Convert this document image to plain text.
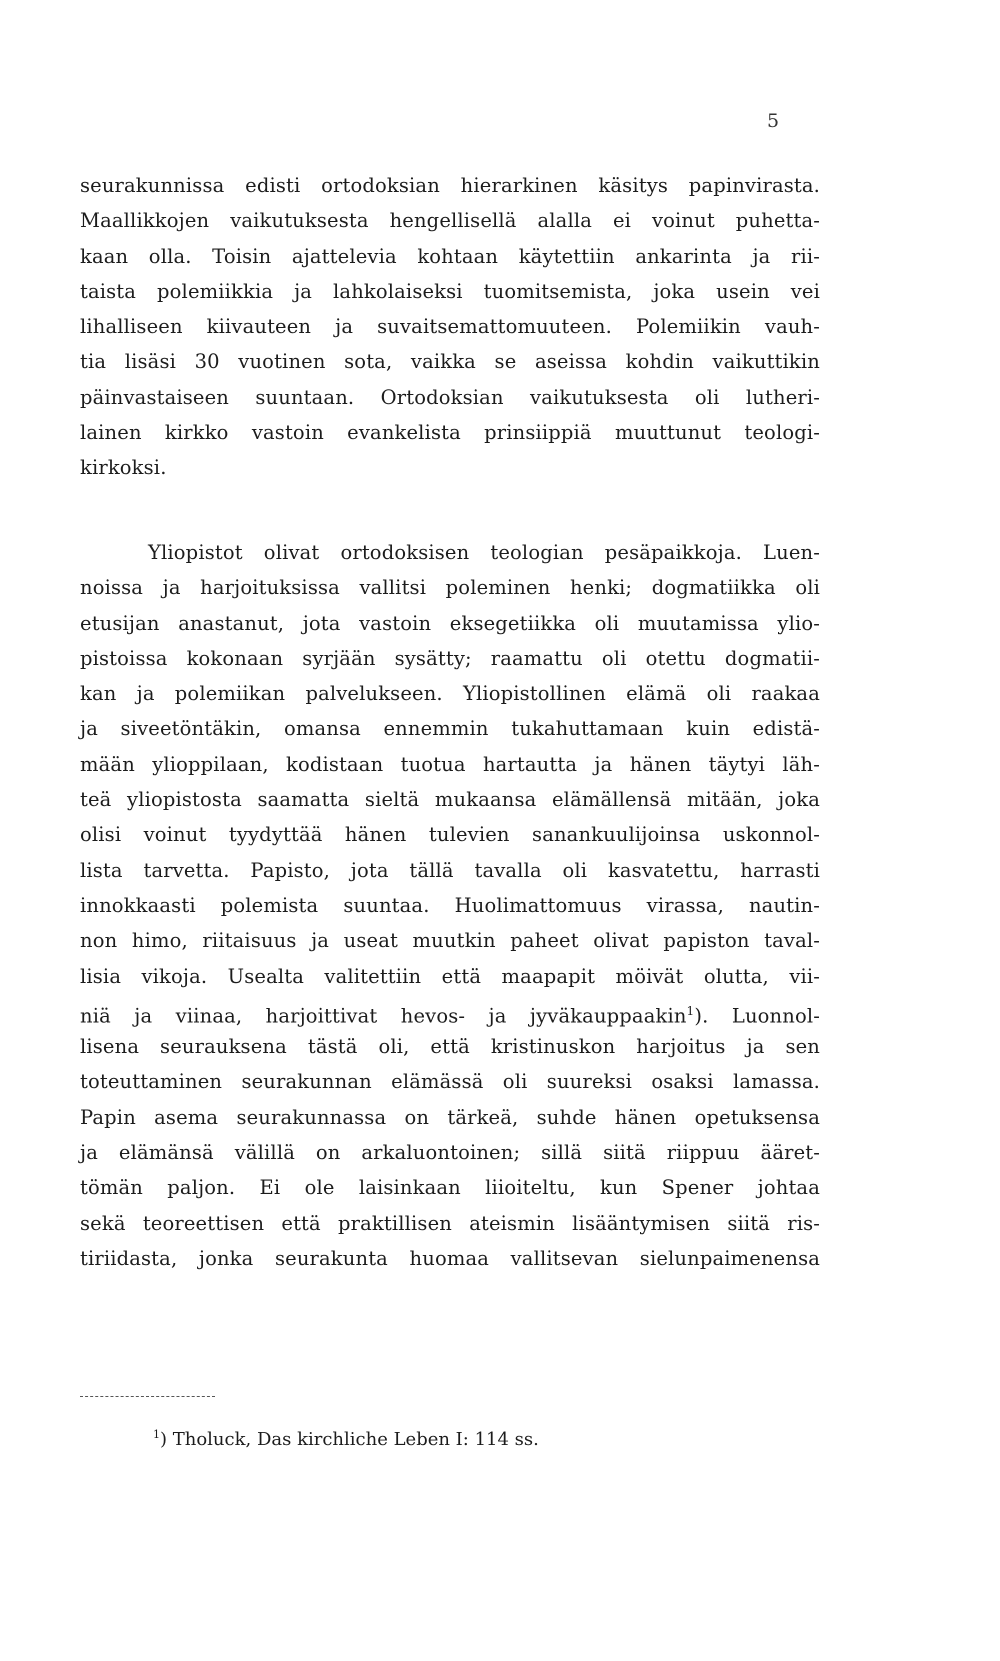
5
seurakunnissa edisti ortodoksian hierarkinen käsitys papinvirasta.
Maallikkojen vaikutuksesta hengellisellä alalla ei voinut puhetta-
kaan olla. Toisin ajattelevia kohtaan käytettiin ankarinta ja rii-
taista polemiikkia ja lahkolaiseksi tuomitsemista, joka usein vei
lihalliseen kiivauteen ja suvaitsemattomuuteen. Polemiikin vauh-
tia lisäsi 30 vuotinen sota, vaikka se aseissa kohdin vaikuttikin
päinvastaiseen suuntaan. Ortodoksian vaikutuksesta oli lutheri-
lainen kirkko vastoin evankelista prinsiippiä muuttunut teologi-
kirkoksi.
Yliopistot olivat ortodoksisen teologian pesäpaikkoja. Luen-
noissa ja harjoituksissa vallitsi poleminen henki; dogmatiikka oli
etusijan anastanut, jota vastoin eksegetiikka oli muutamissa ylio-
pistoissa kokonaan syrjään sysätty; raamattu oli otettu dogmatii-
kan ja polemiikan palvelukseen. Yliopistollinen elämä oli raakaa
ja siveetöntäkin, omansa ennemmin tukahuttamaan kuin edistä-
mään ylioppilaan, kodistaan tuotua hartautta ja hänen täytyi läh-
teä yliopistosta saamatta sieltä mukaansa elämällensä mitään, joka
olisi voinut tyydyttää hänen tulevien sanankuulijoinsa uskonnol-
lista tarvetta. Papisto, jota tällä tavalla oli kasvatettu, harrasti
innokkaasti polemista suuntaa. Huolimattomuus virassa, nautin-
non himo, riitaisuus ja useat muutkin paheet olivat papiston taval-
lisia vikoja. Usealta valitettiin että maapapit möivät olutta, vii-
niä ja viinaa, harjoittivat hevos- ja jyväkauppaakin$^1$). Luonnol-
lisena seurauksena tästä oli, että kristinuskon harjoitus ja sen
toteuttaminen seurakunnan elämässä oli suureksi osaksi lamassa.
Papin asema seurakunnassa on tärkeä, suhde hänen opetuksensa
ja elämänsä välillä on arkaluontoinen; sillä siitä riippuu ääret-
tömän paljon. Ei ole laisinkaan liioiteltu, kun Spener johtaa
sekä teoreettisen että praktillisen ateismin lisääntymisen siitä ris-
tiriidasta, jonka seurakunta huomaa vallitsevan sielunpaimenensa
$^1$) Tholuck, Das kirchliche Leben I: 114 ss.
